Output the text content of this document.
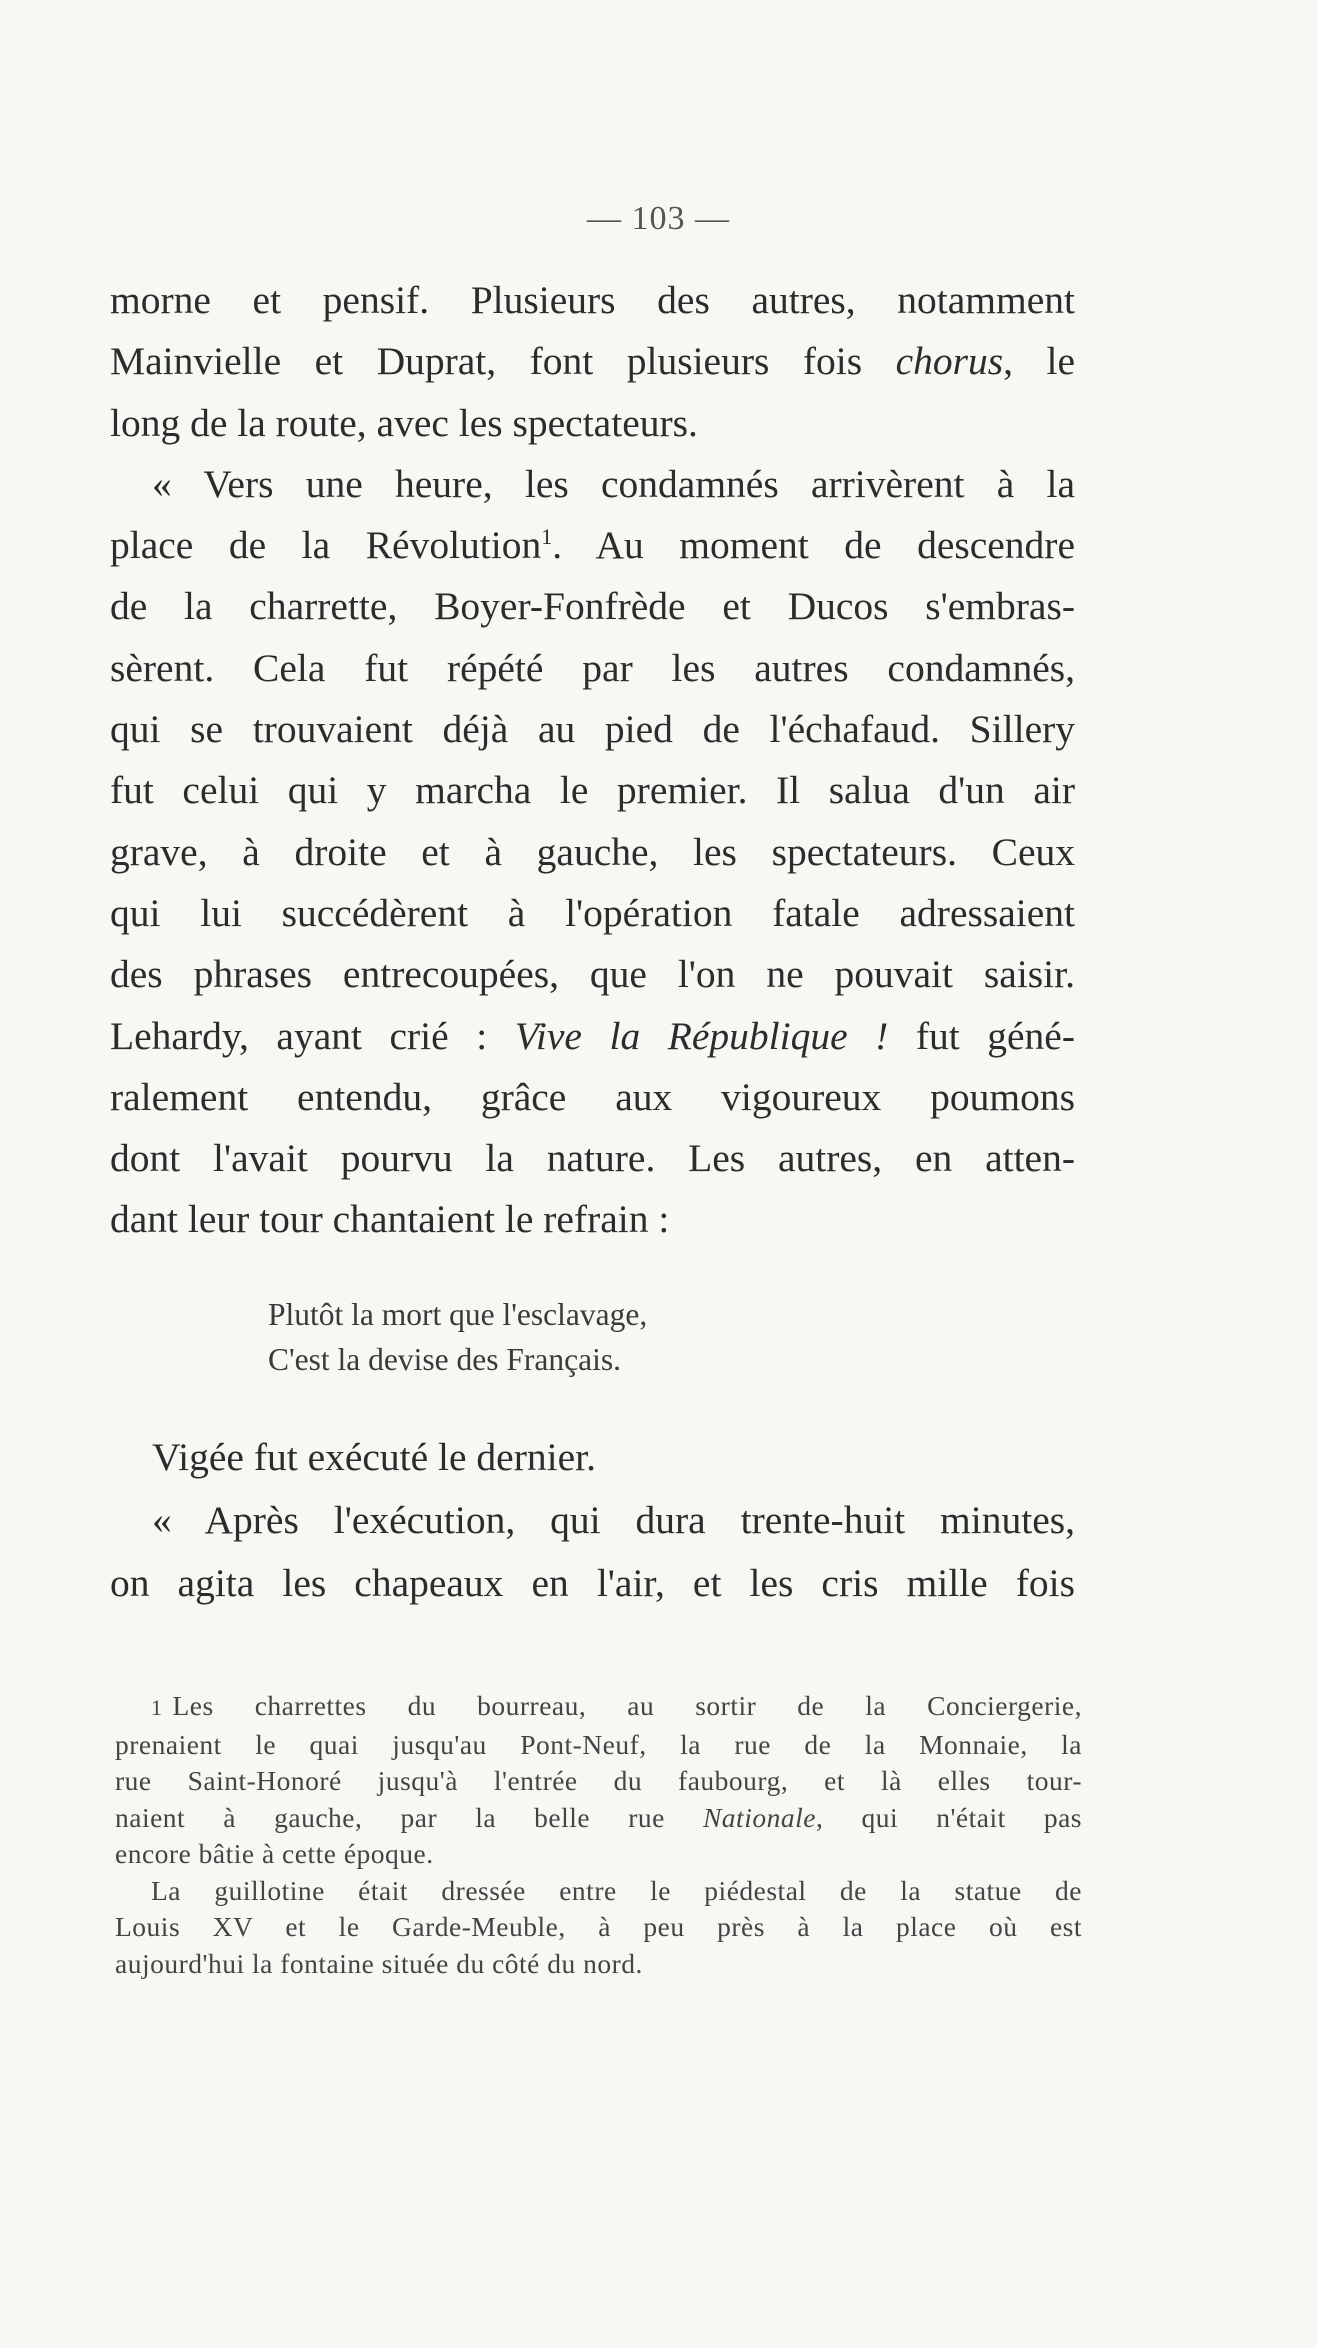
— 103 —
morne et pensif. Plusieurs des autres, notamment
Mainvielle et Duprat, font plusieurs fois chorus, le
long de la route, avec les spectateurs.
« Vers une heure, les condamnés arrivèrent à la
place de la Révolution$^1$. Au moment de descendre
de la charrette, Boyer-Fonfrède et Ducos s'embras-
sèrent. Cela fut répété par les autres condamnés,
qui se trouvaient déjà au pied de l'échafaud. Sillery
fut celui qui y marcha le premier. Il salua d'un air
grave, à droite et à gauche, les spectateurs. Ceux
qui lui succédèrent à l'opération fatale adressaient
des phrases entrecoupées, que l'on ne pouvait saisir.
Lehardy, ayant crié : Vive la République ! fut géné-
ralement entendu, grâce aux vigoureux poumons
dont l'avait pourvu la nature. Les autres, en atten-
dant leur tour chantaient le refrain :
Plutôt la mort que l'esclavage,
C'est la devise des Français.
Vigée fut exécuté le dernier.
« Après l'exécution, qui dura trente-huit minutes,
on agita les chapeaux en l'air, et les cris mille fois
1 Les charrettes du bourreau, au sortir de la Conciergerie,
prenaient le quai jusqu'au Pont-Neuf, la rue de la Monnaie, la
rue Saint-Honoré jusqu'à l'entrée du faubourg, et là elles tour-
naient à gauche, par la belle rue Nationale, qui n'était pas
encore bâtie à cette époque.
La guillotine était dressée entre le piédestal de la statue de
Louis XV et le Garde-Meuble, à peu près à la place où est
aujourd'hui la fontaine située du côté du nord.
